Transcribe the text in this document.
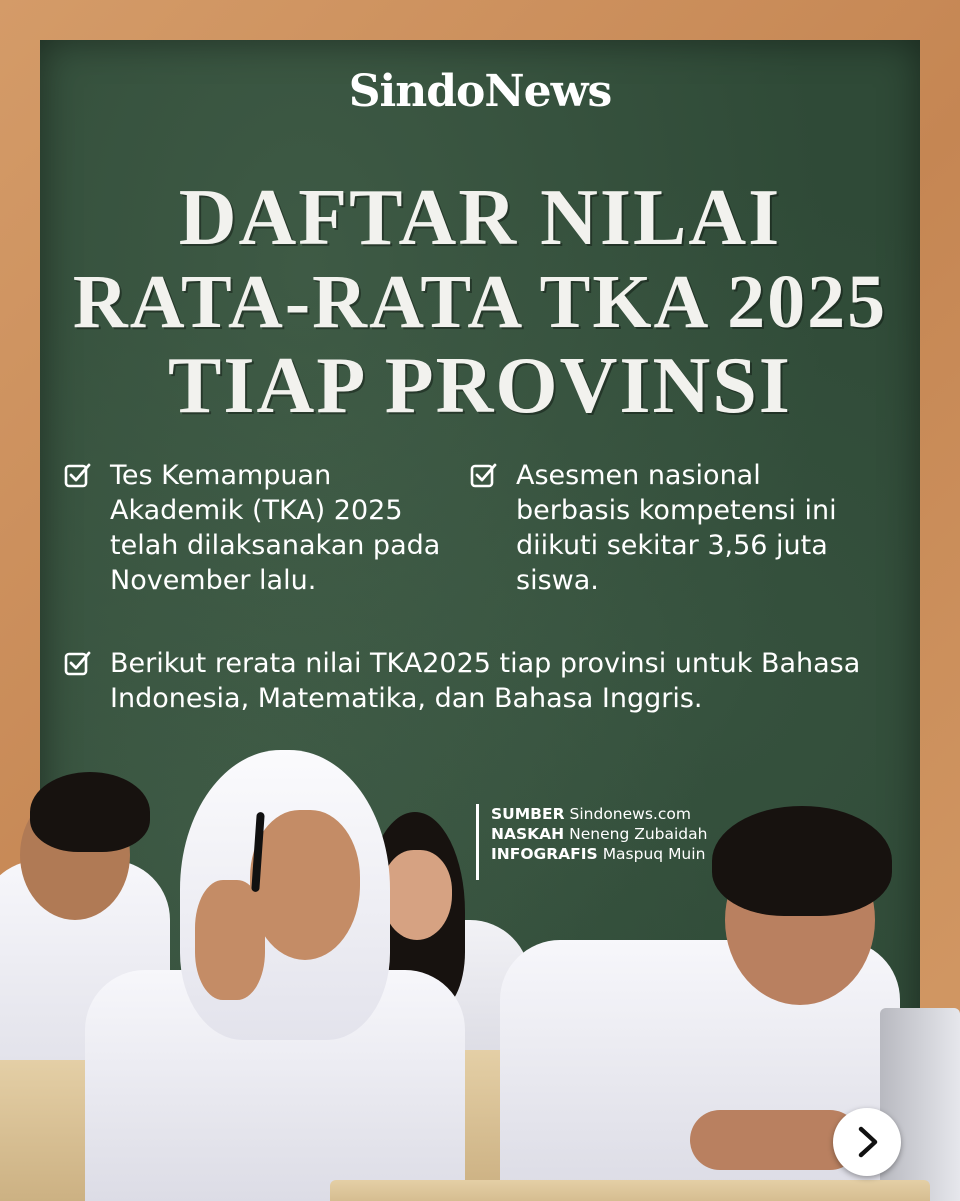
SindoNews
DAFTAR NILAI
RATA-RATA TKA 2025
TIAP PROVINSI
Tes Kemampuan Akademik (TKA) 2025 telah dilaksanakan pada November lalu.
Asesmen nasional berbasis kompetensi ini diikuti sekitar 3,56 juta siswa.
Berikut rerata nilai TKA2025 tiap provinsi untuk Bahasa Indonesia, Matematika, dan Bahasa Inggris.
SUMBER Sindonews.com
NASKAH Neneng Zubaidah
INFOGRAFIS Maspuq Muin
